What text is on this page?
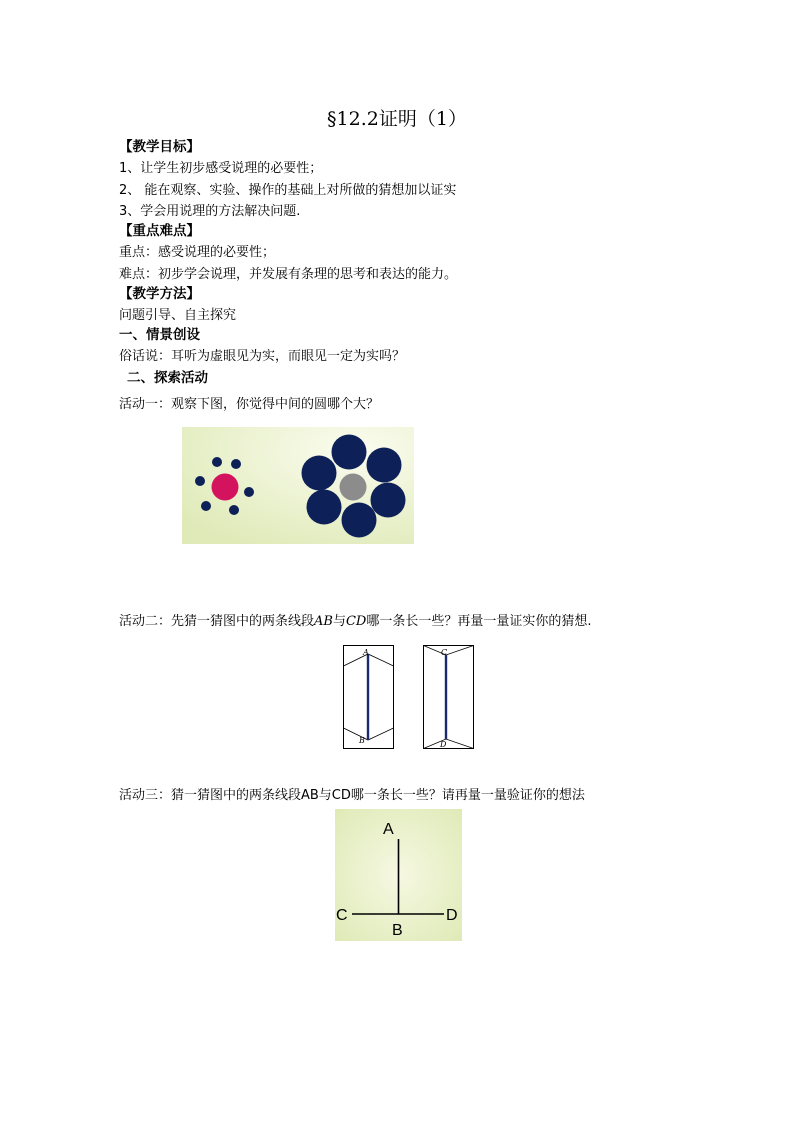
§12.2证明（1）
【教学目标】
1、让学生初步感受说理的必要性；
2、 能在观察、实验、操作的基础上对所做的猜想加以证实
3、学会用说理的方法解决问题.
【重点难点】
重点：感受说理的必要性；
难点：初步学会说理，并发展有条理的思考和表达的能力。
【教学方法】
问题引导、自主探究
一、情景创设
俗话说：耳听为虚眼见为实，而眼见一定为实吗？
二、探索活动
活动一：观察下图，你觉得中间的圆哪个大？
活动二：先猜一猜图中的两条线段AB与CD哪一条长一些？再量一量证实你的猜想.
A
B
C
D
活动三：猜一猜图中的两条线段AB与CD哪一条长一些？请再量一量验证你的想法
A
B
C	D
